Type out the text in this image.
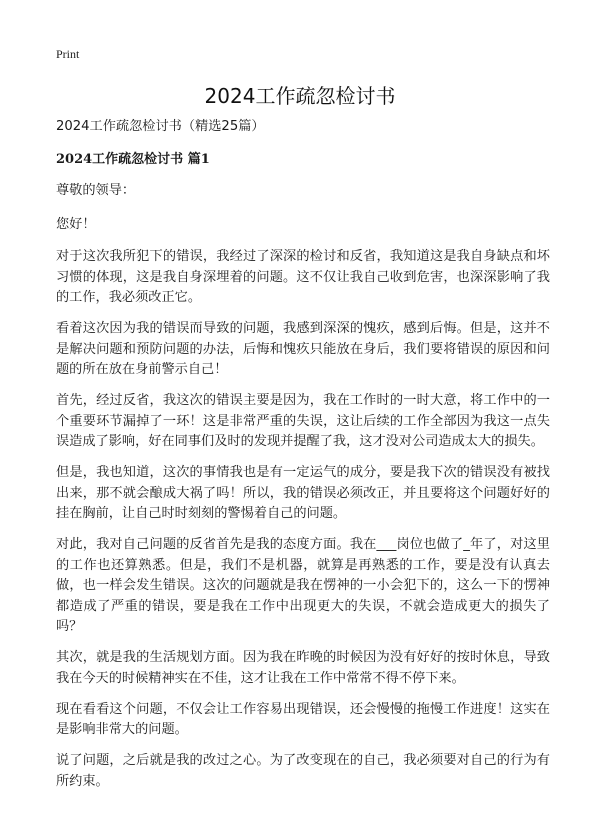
Print
2024工作疏忽检讨书

2024工作疏忽检讨书（精选25篇）

2024工作疏忽检讨书 篇1

尊敬的领导：

您好！

对于这次我所犯下的错误，我经过了深深的检讨和反省，我知道这是我自身缺点和坏习惯的体现，这是我自身深埋着的问题。这不仅让我自己收到危害，也深深影响了我的工作，我必须改正它。

看着这次因为我的错误而导致的问题，我感到深深的愧疚，感到后悔。但是，这并不是解决问题和预防问题的办法，后悔和愧疚只能放在身后，我们要将错误的原因和问题的所在放在身前警示自己！

首先，经过反省，我这次的错误主要是因为，我在工作时的一时大意，将工作中的一个重要环节漏掉了一环！这是非常严重的失误，这让后续的工作全部因为我这一点失误造成了影响，好在同事们及时的发现并提醒了我，这才没对公司造成太大的损失。

但是，我也知道，这次的事情我也是有一定运气的成分，要是我下次的错误没有被找出来，那不就会酿成大祸了吗！所以，我的错误必须改正，并且要将这个问题好好的挂在胸前，让自己时时刻刻的警惕着自己的问题。

对此，我对自己问题的反省首先是我的态度方面。我在___岗位也做了_年了，对这里的工作也还算熟悉。但是，我们不是机器，就算是再熟悉的工作，要是没有认真去做，也一样会发生错误。这次的问题就是我在愣神的一小会犯下的，这么一下的愣神都造成了严重的错误，要是我在工作中出现更大的失误，不就会造成更大的损失了吗？

其次，就是我的生活规划方面。因为我在昨晚的时候因为没有好好的按时休息，导致我在今天的时候精神实在不佳，这才让我在工作中常常不得不停下来。

现在看看这个问题，不仅会让工作容易出现错误，还会慢慢的拖慢工作进度！这实在是影响非常大的问题。

说了问题，之后就是我的改过之心。为了改变现在的自己，我必须要对自己的行为有所约束。
